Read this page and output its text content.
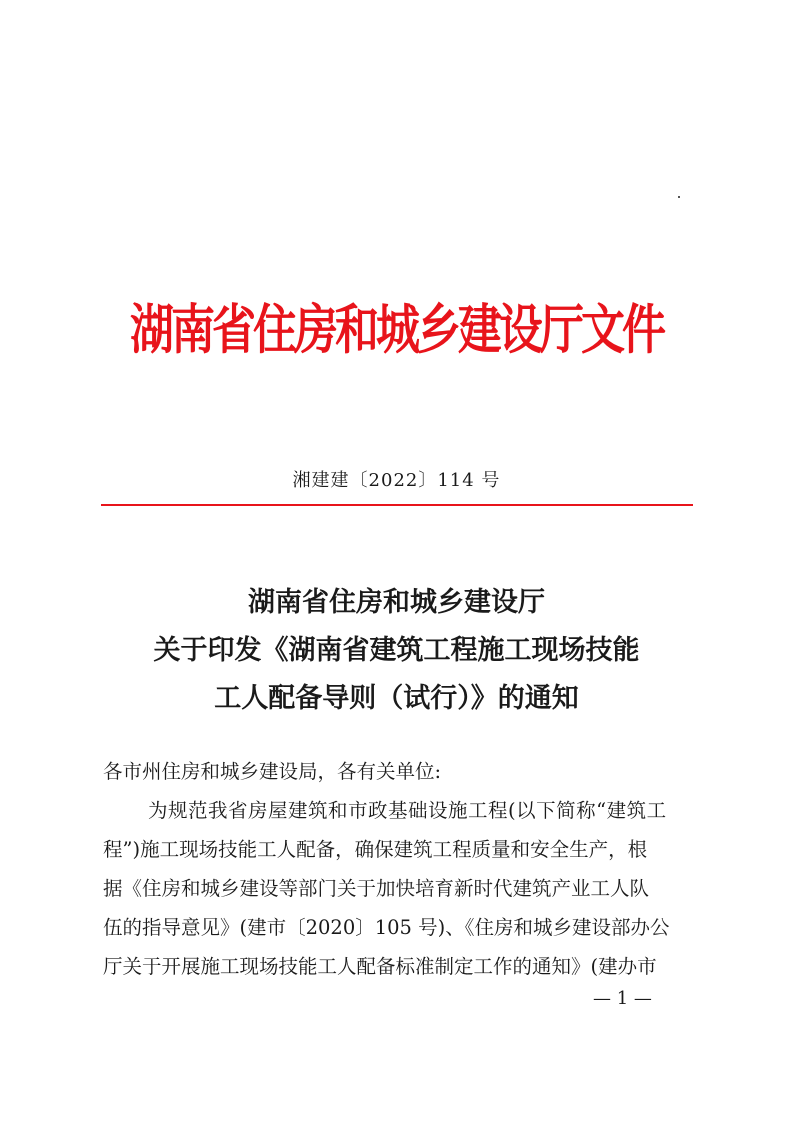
湖南省住房和城乡建设厅文件
湘建建〔2022〕114 号
湖南省住房和城乡建设厅
关于印发《湖南省建筑工程施工现场技能
工人配备导则（试行）》的通知
各市州住房和城乡建设局，各有关单位:
为规范我省房屋建筑和市政基础设施工程(以下简称“建筑工
程”)施工现场技能工人配备，确保建筑工程质量和安全生产，根
据《住房和城乡建设等部门关于加快培育新时代建筑产业工人队
伍的指导意见》(建市〔2020〕105 号)、《住房和城乡建设部办公
厅关于开展施工现场技能工人配备标准制定工作的通知》(建办市
— 1 —
